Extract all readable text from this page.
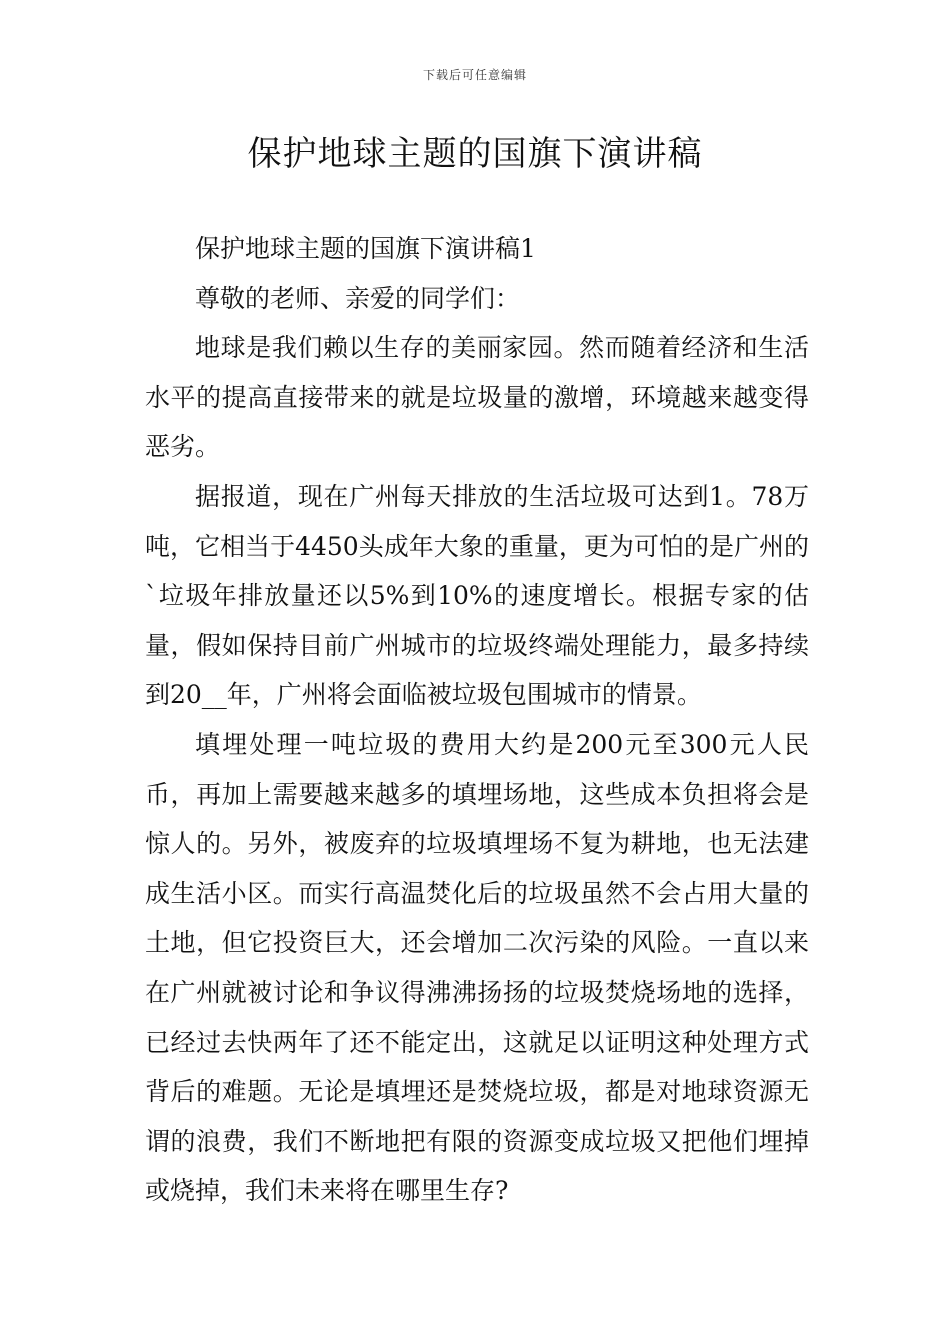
下载后可任意编辑
保护地球主题的国旗下演讲稿

保护地球主题的国旗下演讲稿1

尊敬的老师、亲爱的同学们：

地球是我们赖以生存的美丽家园。然而随着经济和生活水平的提高直接带来的就是垃圾量的激增，环境越来越变得恶劣。

据报道，现在广州每天排放的生活垃圾可达到1。78万吨，它相当于4450头成年大象的重量，更为可怕的是广州的`垃圾年排放量还以5%到10%的速度增长。根据专家的估量，假如保持目前广州城市的垃圾终端处理能力，最多持续到20__年，广州将会面临被垃圾包围城市的情景。

填埋处理一吨垃圾的费用大约是200元至300元人民币，再加上需要越来越多的填埋场地，这些成本负担将会是惊人的。另外，被废弃的垃圾填埋场不复为耕地，也无法建成生活小区。而实行高温焚化后的垃圾虽然不会占用大量的土地，但它投资巨大，还会增加二次污染的风险。一直以来在广州就被讨论和争议得沸沸扬扬的垃圾焚烧场地的选择，已经过去快两年了还不能定出，这就足以证明这种处理方式背后的难题。无论是填埋还是焚烧垃圾，都是对地球资源无谓的浪费，我们不断地把有限的资源变成垃圾又把他们埋掉或烧掉，我们未来将在哪里生存?
